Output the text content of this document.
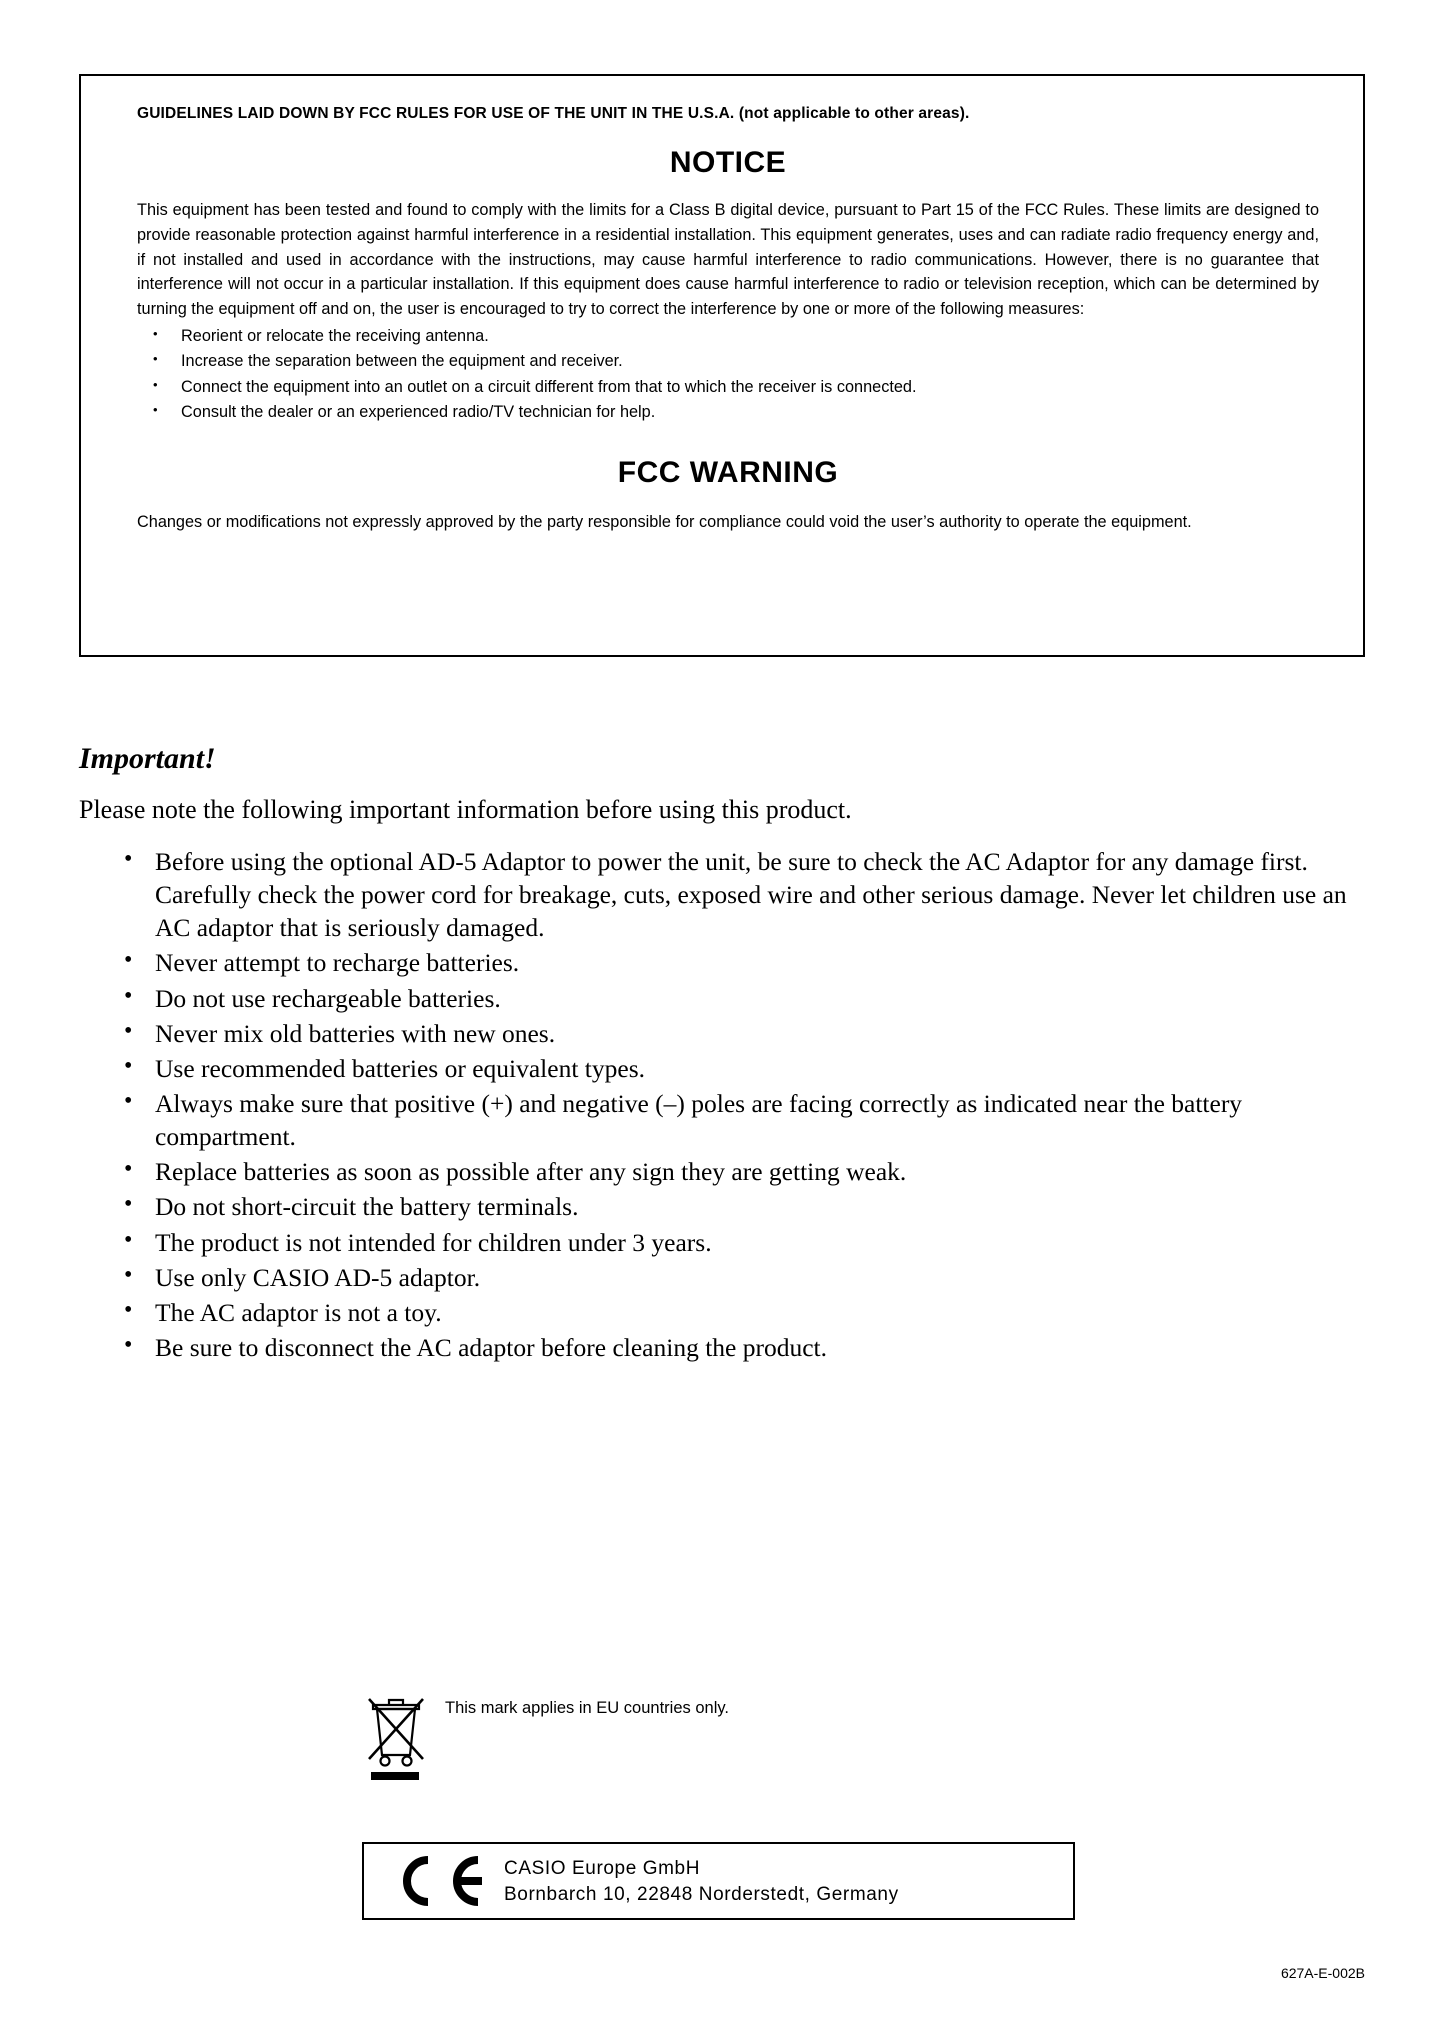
GUIDELINES LAID DOWN BY FCC RULES FOR USE OF THE UNIT IN THE U.S.A. (not applicable to other areas).
NOTICE

This equipment has been tested and found to comply with the limits for a Class B digital device, pursuant to Part 15 of the FCC Rules. These limits are designed to provide reasonable protection against harmful interference in a residential installation. This equipment generates, uses and can radiate radio frequency energy and, if not installed and used in accordance with the instructions, may cause harmful interference to radio communications. However, there is no guarantee that interference will not occur in a particular installation. If this equipment does cause harmful interference to radio or television reception, which can be determined by turning the equipment off and on, the user is encouraged to try to correct the interference by one or more of the following measures:

• Reorient or relocate the receiving antenna.
• Increase the separation between the equipment and receiver.
• Connect the equipment into an outlet on a circuit different from that to which the receiver is connected.
• Consult the dealer or an experienced radio/TV technician for help.
FCC WARNING

Changes or modifications not expressly approved by the party responsible for compliance could void the user’s authority to operate the equipment.

Important!
Please note the following important information before using this product.
• Before using the optional AD-5 Adaptor to power the unit, be sure to check the AC Adaptor for any damage first. Carefully check the power cord for breakage, cuts, exposed wire and other serious damage. Never let children use an AC adaptor that is seriously damaged.
• Never attempt to recharge batteries.
• Do not use rechargeable batteries.
• Never mix old batteries with new ones.
• Use recommended batteries or equivalent types.
• Always make sure that positive (+) and negative (–) poles are facing correctly as indicated near the battery compartment.
• Replace batteries as soon as possible after any sign they are getting weak.
• Do not short-circuit the battery terminals.
• The product is not intended for children under 3 years.
• Use only CASIO AD-5 adaptor.
• The AC adaptor is not a toy.
• Be sure to disconnect the AC adaptor before cleaning the product.
This mark applies in EU countries only.
CASIO Europe GmbH
Bornbarch 10, 22848 Norderstedt, Germany
627A-E-002B
